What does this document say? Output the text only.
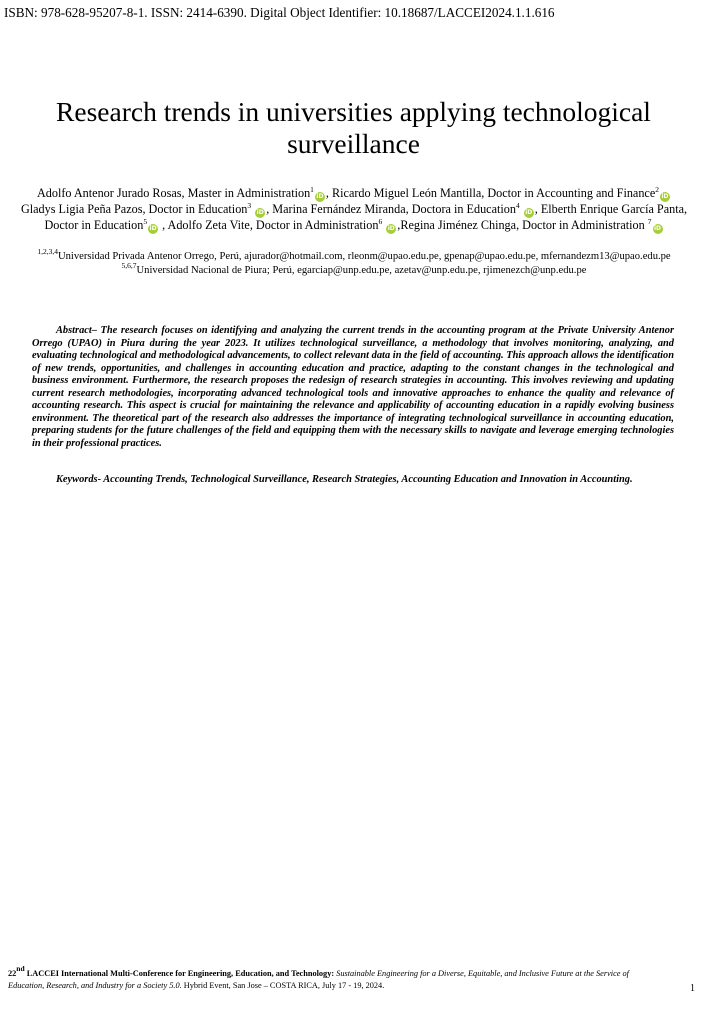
ISBN: 978-628-95207-8-1. ISSN: 2414-6390. Digital Object Identifier: 10.18687/LACCEI2024.1.1.616
Research trends in universities applying technological
surveillance
Adolfo Antenor Jurado Rosas, Master in Administration$^1$iD , Ricardo Miguel León Mantilla, Doctor in Accounting and Finance$^2$iD
Gladys Ligia Peña Pazos, Doctor in Education$^3$ iD , Marina Fernández Miranda, Doctora in Education$^4$ iD , Elberth Enrique García Panta, Doctor in Education$^5$iD , Adolfo Zeta Vite, Doctor in Administration$^6$ iD ,Regina Jiménez Chinga, Doctor in Administration $^7$iD
$^{1,2,3,4}$Universidad Privada Antenor Orrego, Perú, ajurador@hotmail.com, rleonm@upao.edu.pe, gpenap@upao.edu.pe, mfernandezm13@upao.edu.pe
$^{5,6,7}$Universidad Nacional de Piura; Perú, egarciap@unp.edu.pe, azetav@unp.edu.pe, rjimenezch@unp.edu.pe
Abstract– The research focuses on identifying and analyzing the current trends in the accounting program at the Private University Antenor Orrego (UPAO) in Piura during the year 2023. It utilizes technological surveillance, a methodology that involves monitoring, analyzing, and evaluating technological and methodological advancements, to collect relevant data in the field of accounting. This approach allows the identification of new trends, opportunities, and challenges in accounting education and practice, adapting to the constant changes in the technological and business environment. Furthermore, the research proposes the redesign of research strategies in accounting. This involves reviewing and updating current research methodologies, incorporating advanced technological tools and innovative approaches to enhance the quality and relevance of accounting research. This aspect is crucial for maintaining the relevance and applicability of accounting education in a rapidly evolving business environment. The theoretical part of the research also addresses the importance of integrating technological surveillance in accounting education, preparing students for the future challenges of the field and equipping them with the necessary skills to navigate and leverage emerging technologies in their professional practices.
Keywords- Accounting Trends, Technological Surveillance, Research Strategies, Accounting Education and Innovation in Accounting.
22nd LACCEI International Multi-Conference for Engineering, Education, and Technology: Sustainable Engineering for a Diverse, Equitable, and Inclusive Future at the Service of Education, Research, and Industry for a Society 5.0. Hybrid Event, San Jose – COSTA RICA, July 17 - 19, 2024.	1
